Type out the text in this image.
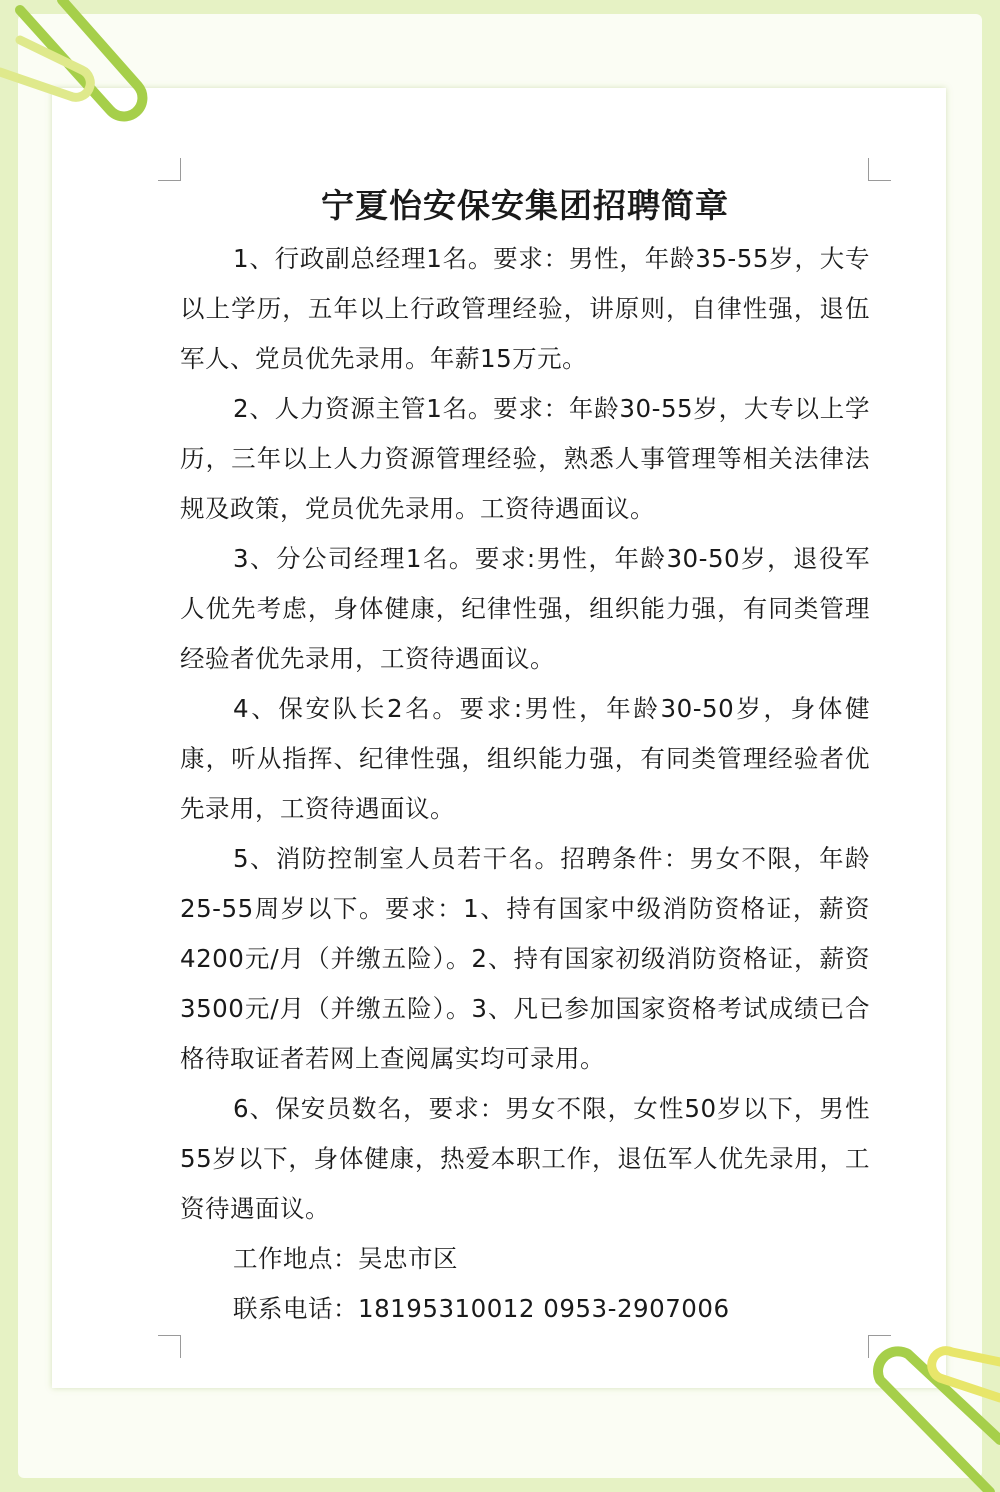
宁夏怡安保安集团招聘简章

1、行政副总经理1名。要求：男性，年龄35-55岁，大专以上学历，五年以上行政管理经验，讲原则，自律性强，退伍军人、党员优先录用。年薪15万元。

2、人力资源主管1名。要求：年龄30-55岁，大专以上学历，三年以上人力资源管理经验，熟悉人事管理等相关法律法规及政策，党员优先录用。工资待遇面议。

3、分公司经理1名。要求:男性，年龄30-50岁，退役军人优先考虑，身体健康，纪律性强，组织能力强，有同类管理经验者优先录用，工资待遇面议。

4、保安队长2名。要求:男性，年龄30-50岁，身体健康，听从指挥、纪律性强，组织能力强，有同类管理经验者优先录用，工资待遇面议。

5、消防控制室人员若干名。招聘条件：男女不限，年龄25-55周岁以下。要求：1、持有国家中级消防资格证，薪资4200元/月（并缴五险）。2、持有国家初级消防资格证，薪资3500元/月（并缴五险）。3、凡已参加国家资格考试成绩已合格待取证者若网上查阅属实均可录用。

6、保安员数名，要求：男女不限，女性50岁以下，男性55岁以下，身体健康，热爱本职工作，退伍军人优先录用，工资待遇面议。

工作地点：吴忠市区

联系电话：18195310012 0953-2907006
